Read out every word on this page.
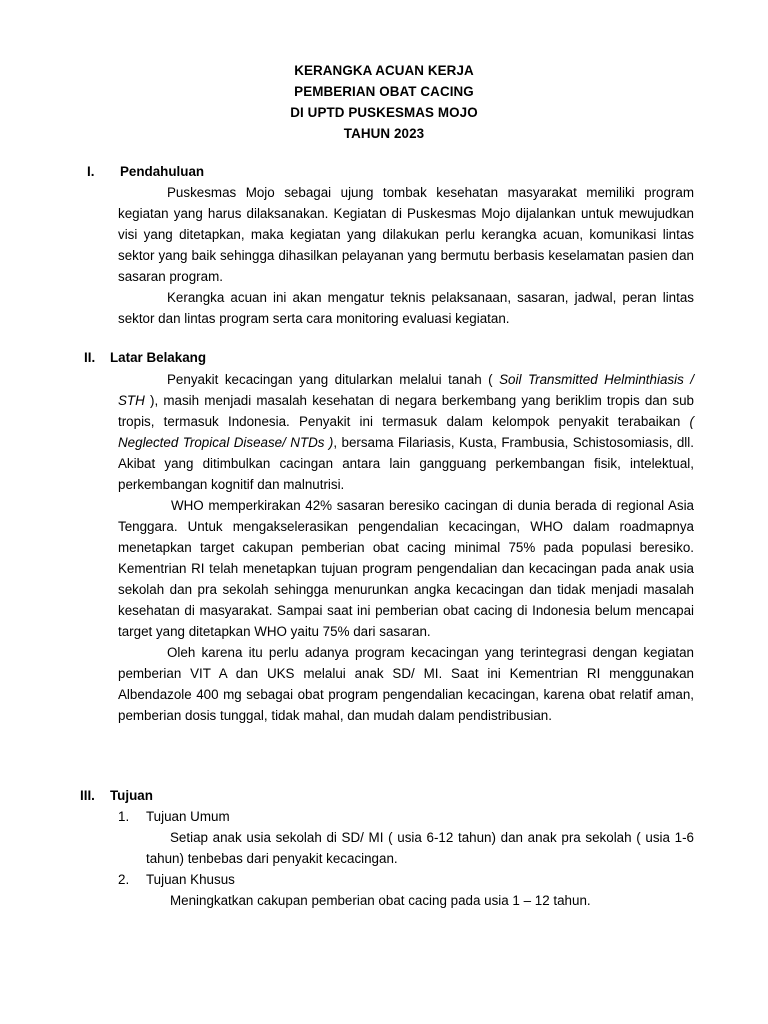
KERANGKA ACUAN KERJA
PEMBERIAN OBAT CACING
DI UPTD PUSKESMAS MOJO
TAHUN 2023
I. Pendahuluan

Puskesmas Mojo sebagai ujung tombak kesehatan masyarakat memiliki program kegiatan yang harus dilaksanakan. Kegiatan di Puskesmas Mojo dijalankan untuk mewujudkan visi yang ditetapkan, maka kegiatan yang dilakukan perlu kerangka acuan, komunikasi lintas sektor yang baik sehingga dihasilkan pelayanan yang bermutu berbasis keselamatan pasien dan sasaran program.

Kerangka acuan ini akan mengatur teknis pelaksanaan, sasaran, jadwal, peran lintas sektor dan lintas program serta cara monitoring evaluasi kegiatan.

II. Latar Belakang

Penyakit kecacingan yang ditularkan melalui tanah ( Soil Transmitted Helminthiasis / STH ), masih menjadi masalah kesehatan di negara berkembang yang beriklim tropis dan sub tropis, termasuk Indonesia. Penyakit ini termasuk dalam kelompok penyakit terabaikan ( Neglected Tropical Disease/ NTDs ), bersama Filariasis, Kusta, Frambusia, Schistosomiasis, dll. Akibat yang ditimbulkan cacingan antara lain gangguang perkembangan fisik, intelektual, perkembangan kognitif dan malnutrisi.

WHO memperkirakan 42% sasaran beresiko cacingan di dunia berada di regional Asia Tenggara. Untuk mengakselerasikan pengendalian kecacingan, WHO dalam roadmapnya menetapkan target cakupan pemberian obat cacing minimal 75% pada populasi beresiko. Kementrian RI telah menetapkan tujuan program pengendalian dan kecacingan pada anak usia sekolah dan pra sekolah sehingga menurunkan angka kecacingan dan tidak menjadi masalah kesehatan di masyarakat. Sampai saat ini pemberian obat cacing di Indonesia belum mencapai target yang ditetapkan WHO yaitu 75% dari sasaran.

Oleh karena itu perlu adanya program kecacingan yang terintegrasi dengan kegiatan pemberian VIT A dan UKS melalui anak SD/ MI. Saat ini Kementrian RI menggunakan Albendazole 400 mg sebagai obat program pengendalian kecacingan, karena obat relatif aman, pemberian dosis tunggal, tidak mahal, dan mudah dalam pendistribusian.

III. Tujuan
1. Tujuan Umum

Setiap anak usia sekolah di SD/ MI ( usia 6-12 tahun) dan anak pra sekolah ( usia 1-6 tahun) tenbebas dari penyakit kecacingan.

2. Tujuan Khusus

Meningkatkan cakupan pemberian obat cacing pada usia 1 – 12 tahun.
